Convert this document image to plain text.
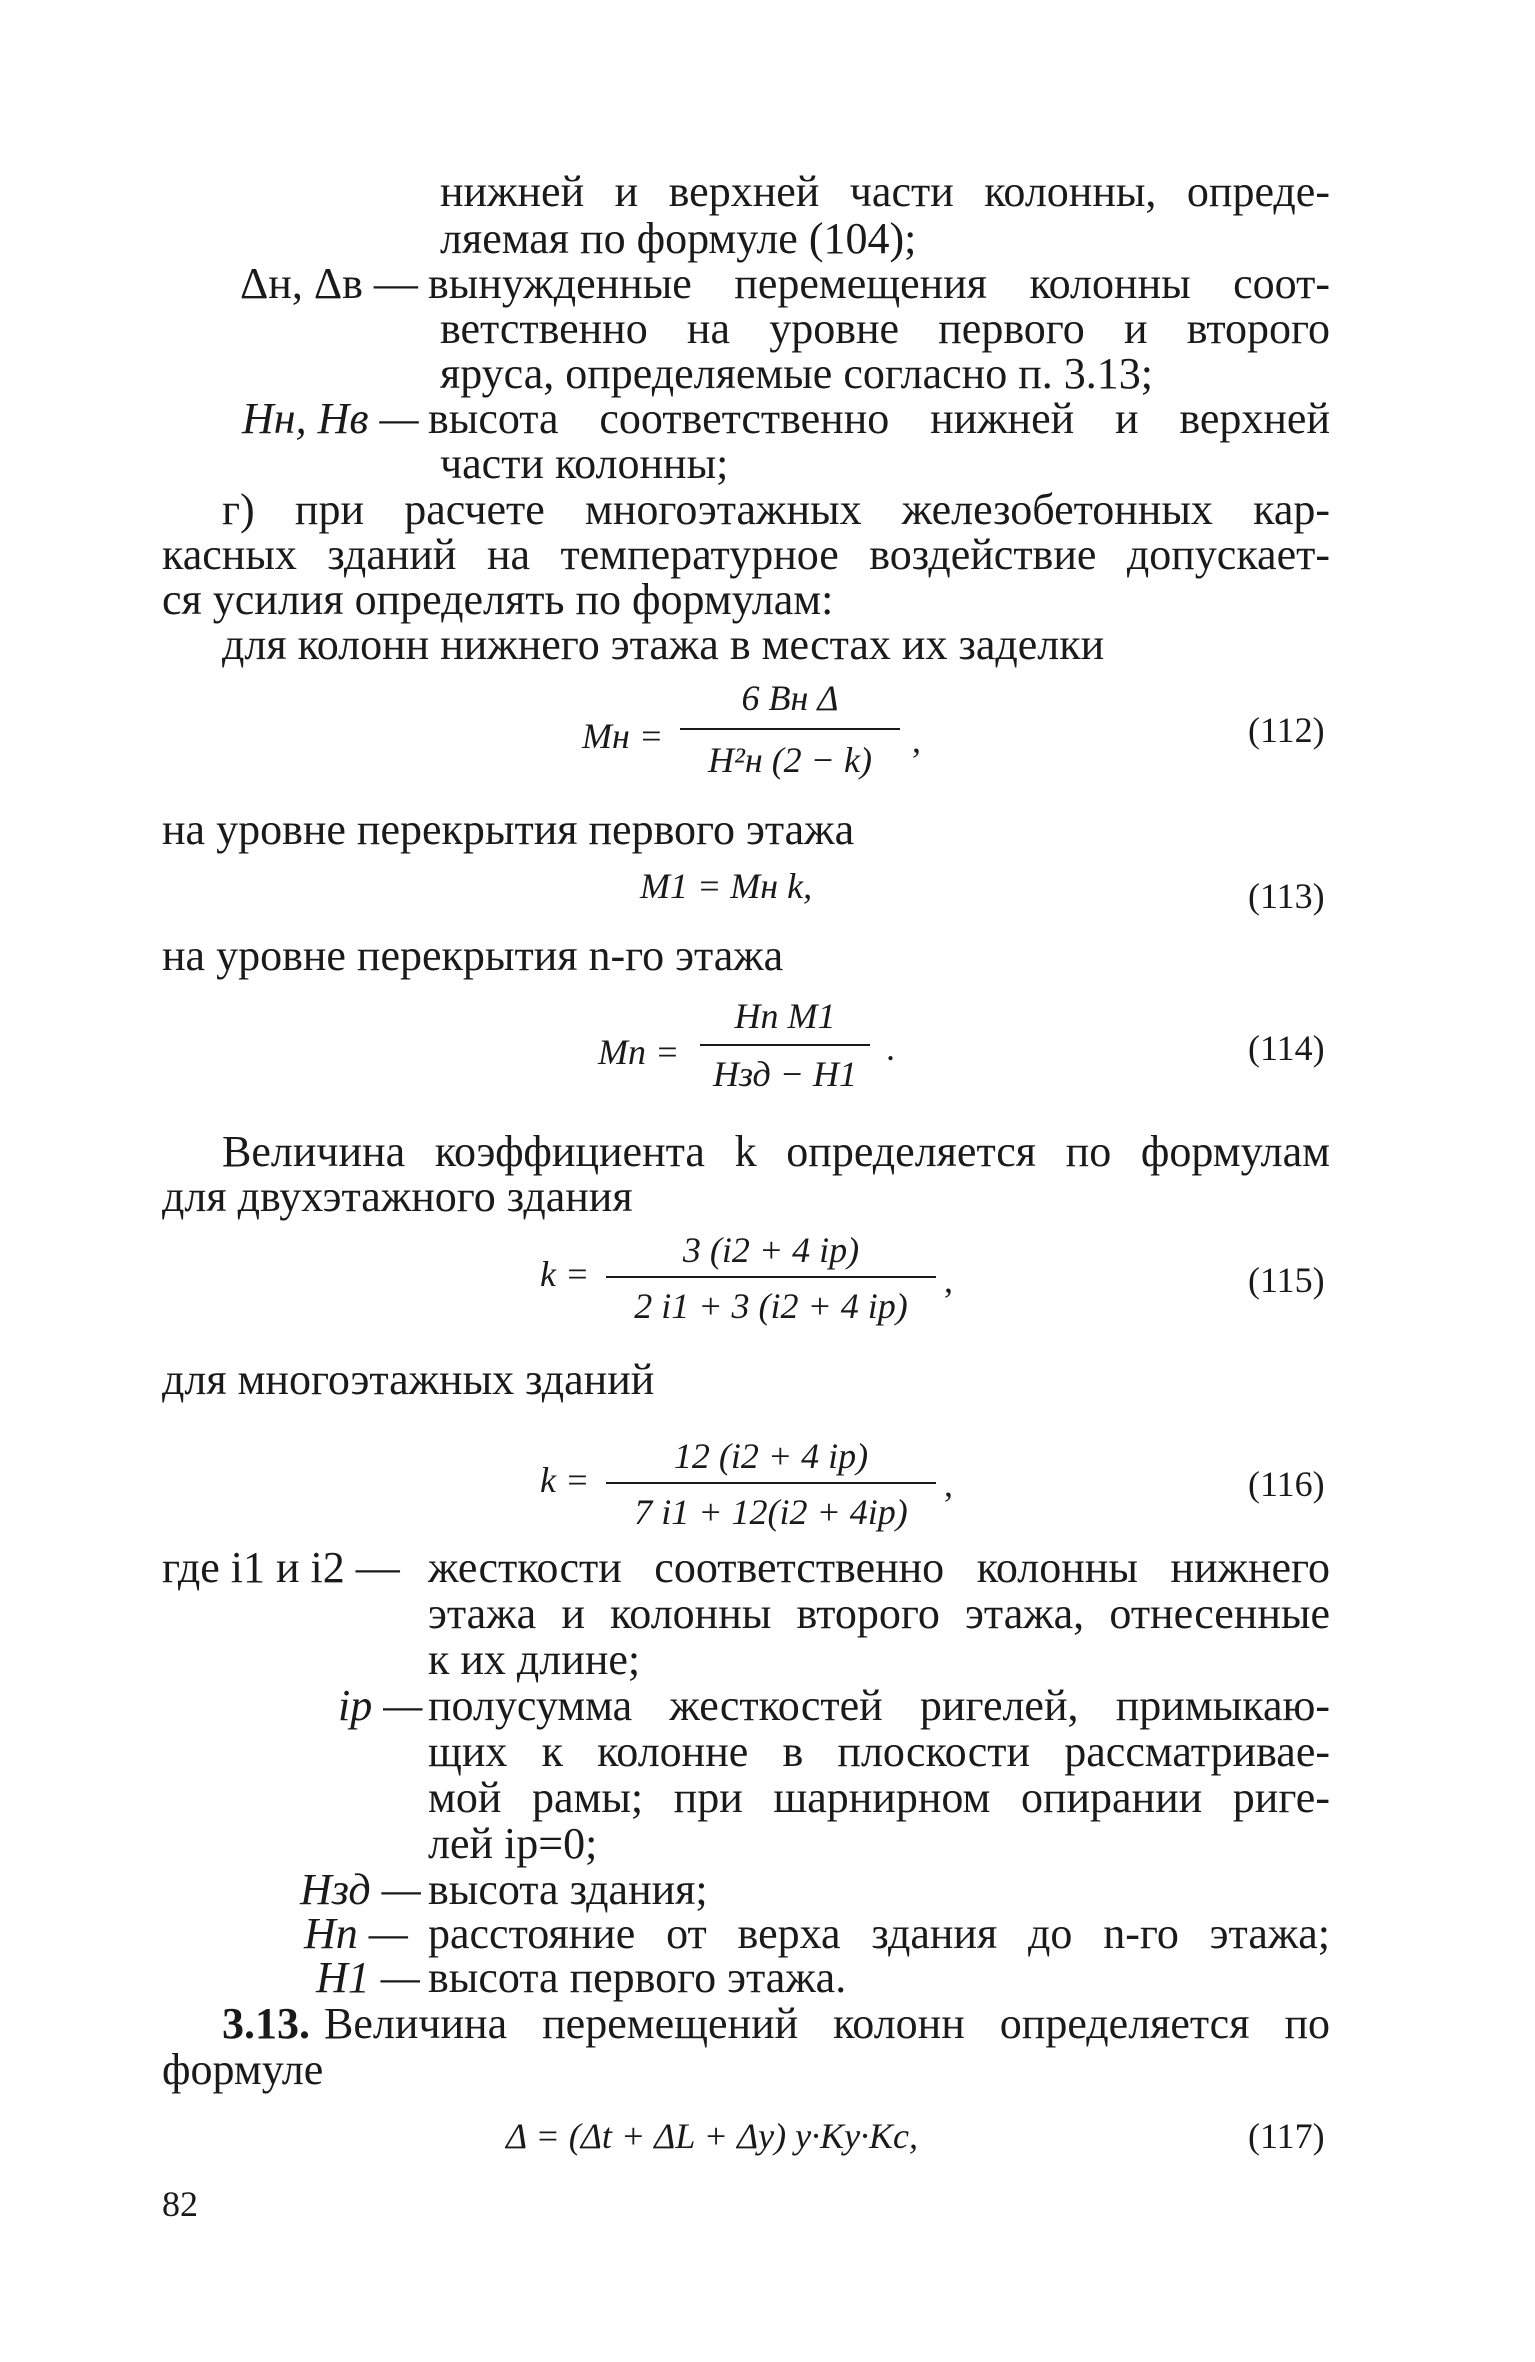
нижней и верхней части колонны, опреде-
ляемая по формуле (104);
Δн, Δв — вынужденные перемещения колонны соот-
ветственно на уровне первого и второго
яруса, определяемые согласно п. 3.13;
Hн, Hв — высота соответственно нижней и верхней
части колонны;
г) при расчете многоэтажных железобетонных кар-
касных зданий на температурное воздействие допускает-
ся усилия определять по формулам:
для колонн нижнего этажа в местах их заделки
Mн =
6 Bн Δ
H²н (2 − k)	,	(112)
на уровне перекрытия первого этажа
M1 = Mн k,	(113)
на уровне перекрытия n-го этажа
Mn =
Hn M1
Hзд − H1
.	(114)
Величина коэффициента k определяется по формулам
для двухэтажного здания
k =
3 (i2 + 4 ip)
2 i1 + 3 (i2 + 4 ip)
,	(115)
для многоэтажных зданий
k =
12 (i2 + 4 ip)
7 i1 + 12(i2 + 4ip)
,	(116)
где i1 и i2 — жесткости соответственно колонны нижнего
этажа и колонны второго этажа, отнесенные
к их длине;
ip — полусумма жесткостей ригелей, примыкаю-
щих к колонне в плоскости рассматривае-
мой рамы; при шарнирном опирании риге-
лей ip=0;
Hзд — высота здания;
Hn — расстояние от верха здания до n-го этажа;
H1 — высота первого этажа.
3.13. Величина перемещений колонн определяется по
формуле
Δ = (Δt + ΔL + Δy) y·Ky·Kc,	(117)
82
